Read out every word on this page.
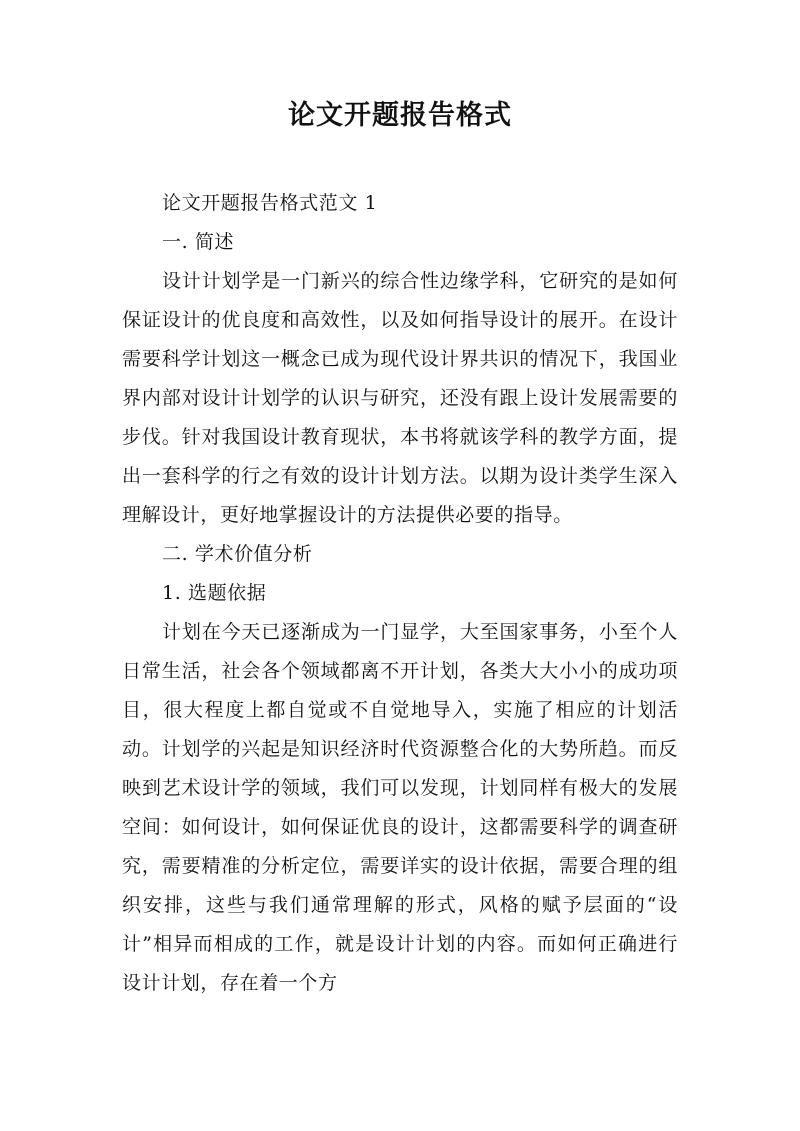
论文开题报告格式

论文开题报告格式范文 1

一. 简述

设计计划学是一门新兴的综合性边缘学科，它研究的是如何保证设计的优良度和高效性，以及如何指导设计的展开。在设计需要科学计划这一概念已成为现代设计界共识的情况下，我国业界内部对设计计划学的认识与研究，还没有跟上设计发展需要的步伐。针对我国设计教育现状，本书将就该学科的教学方面，提出一套科学的行之有效的设计计划方法。以期为设计类学生深入理解设计，更好地掌握设计的方法提供必要的指导。

二. 学术价值分析

1. 选题依据

计划在今天已逐渐成为一门显学，大至国家事务，小至个人日常生活，社会各个领域都离不开计划，各类大大小小的成功项目，很大程度上都自觉或不自觉地导入，实施了相应的计划活动。计划学的兴起是知识经济时代资源整合化的大势所趋。而反映到艺术设计学的领域，我们可以发现，计划同样有极大的发展空间：如何设计，如何保证优良的设计，这都需要科学的调查研究，需要精准的分析定位，需要详实的设计依据，需要合理的组织安排，这些与我们通常理解的形式，风格的赋予层面的“设计”相异而相成的工作，就是设计计划的内容。而如何正确进行设计计划，存在着一个方
